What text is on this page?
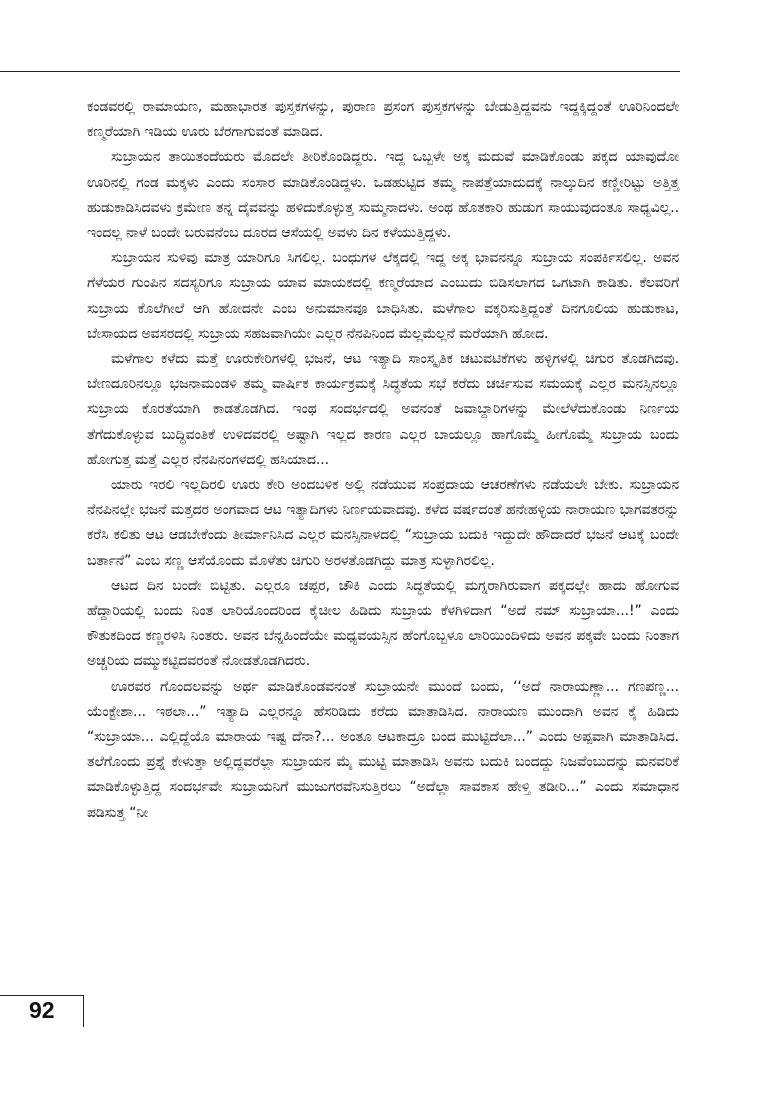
ಕಂಡವರಲ್ಲಿ ರಾಮಾಯಣ, ಮಹಾಭಾರತ ಪುಸ್ತಕಗಳನ್ನು, ಪುರಾಣ ಪ್ರಸಂಗ ಪುಸ್ತಕಗಳನ್ನು ಬೇಡುತ್ತಿದ್ದವನು ಇದ್ದಕ್ಕಿದ್ದಂತೆ ಊರಿನಿಂದಲೇ ಕಣ್ಮರೆಯಾಗಿ ಇಡಿಯ ಊರು ಬೆರಗಾಗುವಂತೆ ಮಾಡಿದ.

ಸುಬ್ರಾಯನ ತಾಯಿತಂದೆಯರು ಮೊದಲೇ ತೀರಿಕೊಂಡಿದ್ದರು. ಇದ್ದ ಒಬ್ಬಳೇ ಅಕ್ಕ ಮದುವೆ ಮಾಡಿಕೊಂಡು ಪಕ್ಕದ ಯಾವುದೋ ಊರಿನಲ್ಲಿ ಗಂಡ ಮಕ್ಕಳು ಎಂದು ಸಂಸಾರ ಮಾಡಿಕೊಂಡಿದ್ದಳು. ಒಡಹುಟ್ಟಿದ ತಮ್ಮ ನಾಪತ್ತೆಯಾದುದಕ್ಕೆ ನಾಲ್ಕುದಿನ ಕಣ್ಣೀರಿಟ್ಟು ಅತ್ತಿತ್ತ ಹುಡುಕಾಡಿಸಿದವಳು ಕ್ರಮೇಣ ತನ್ನ ದೈವವನ್ನು ಹಳಿದುಕೊಳ್ಳುತ್ತ ಸುಮ್ಮನಾದಳು. ಅಂಥ ಹೊತಕಾರಿ ಹುಡುಗ ಸಾಯುವುದಂತೂ ಸಾಧ್ಯವಿಲ್ಲ.. ಇಂದಲ್ಲ ನಾಳೆ ಬಂದೇ ಬರುವನೆಂಬ ದೂರದ ಆಸೆಯಲ್ಲಿ ಅವಳು ದಿನ ಕಳೆಯುತ್ತಿದ್ದಳು.

ಸುಬ್ರಾಯನ ಸುಳಿವು ಮಾತ್ರ ಯಾರಿಗೂ ಸಿಗಲಿಲ್ಲ. ಬಂಧುಗಳ ಲೆಕ್ಕದಲ್ಲಿ ಇದ್ದ ಅಕ್ಕ ಭಾವನನ್ನೂ ಸುಬ್ರಾಯ ಸಂಪರ್ಕಿಸಲಿಲ್ಲ. ಅವನ ಗೆಳೆಯರ ಗುಂಪಿನ ಸದಸ್ಯರಿಗೂ ಸುಬ್ರಾಯ ಯಾವ ಮಾಯಕದಲ್ಲಿ ಕಣ್ಮರೆಯಾದ ಎಂಬುದು ಬಿಡಿಸಲಾಗದ ಒಗಟಾಗಿ ಕಾಡಿತು. ಕೆಲವರಿಗೆ ಸುಬ್ರಾಯ ಕೊಲೆಗೀಲೆ ಆಗಿ ಹೋದನೇ ಎಂಬ ಅನುಮಾನವೂ ಬಾಧಿಸಿತು. ಮಳೆಗಾಲ ವಕ್ಕರಿಸುತ್ತಿದ್ದಂತೆ ದಿನಗೂಲಿಯ ಹುಡುಕಾಟ, ಬೇಸಾಯದ ಅವಸರದಲ್ಲಿ ಸುಬ್ರಾಯ ಸಹಜವಾಗಿಯೇ ಎಲ್ಲರ ನೆನಪಿನಿಂದ ಮೆಲ್ಲಮೆಲ್ಲನೆ ಮರೆಯಾಗಿ ಹೋದ.

ಮಳೆಗಾಲ ಕಳೆದು ಮತ್ತೆ ಊರುಕೇರಿಗಳಲ್ಲಿ ಭಜನೆ, ಆಟ ಇತ್ಯಾದಿ ಸಾಂಸ್ಕೃತಿಕ ಚಟುವಟಿಕೆಗಳು ಹಳ್ಳಿಗಳಲ್ಲಿ ಚಿಗುರ ತೊಡಗಿದವು. ಬೇಣದೂರಿನಲ್ಲೂ ಭಜನಾಮಂಡಳಿ ತಮ್ಮ ವಾರ್ಷಿಕ ಕಾರ್ಯಕ್ರಮಕ್ಕೆ ಸಿದ್ಧತೆಯ ಸಭೆ ಕರೆದು ಚರ್ಚಿಸುವ ಸಮಯಕ್ಕೆ ಎಲ್ಲರ ಮನಸ್ಸಿನಲ್ಲೂ ಸುಬ್ರಾಯ ಕೊರತೆಯಾಗಿ ಕಾಡತೊಡಗಿದ. ಇಂಥ ಸಂದರ್ಭದಲ್ಲಿ ಅವನಂತೆ ಜವಾಬ್ದಾರಿಗಳನ್ನು ಮೇಲೆಳೆದುಕೊಂಡು ನಿರ್ಣಯ ತೆಗೆದುಕೊಳ್ಳುವ ಬುದ್ಧಿವಂತಿಕೆ ಉಳಿದವರಲ್ಲಿ ಅಷ್ಟಾಗಿ ಇಲ್ಲದ ಕಾರಣ ಎಲ್ಲರ ಬಾಯಲ್ಲೂ ಹಾಗೊಮ್ಮೆ ಹೀಗೊಮ್ಮೆ ಸುಬ್ರಾಯ ಬಂದು ಹೋಗುತ್ತ ಮತ್ತೆ ಎಲ್ಲರ ನೆನಪಿನಂಗಳದಲ್ಲಿ ಹಸಿಯಾದ...

ಯಾರು ಇರಲಿ ಇಲ್ಲದಿರಲಿ ಊರು ಕೇರಿ ಅಂದಬಳಿಕ ಅಲ್ಲಿ ನಡೆಯುವ ಸಂಪ್ರದಾಯ ಆಚರಣೆಗಳು ನಡೆಯಲೇ ಬೇಕು. ಸುಬ್ರಾಯನ ನೆನಪಿನಲ್ಲೇ ಭಜನೆ ಮತ್ತದರ ಅಂಗವಾದ ಆಟ ಇತ್ಯಾದಿಗಳು ನಿರ್ಣಯವಾದವು. ಕಳೆದ ವರ್ಷದಂತೆ ಹನೇಹಳ್ಳಿಯ ನಾರಾಯಣ ಭಾಗವತರನ್ನು ಕರೆಸಿ ಕಲಿತು ಆಟ ಆಡಬೇಕೆಂದು ತೀರ್ಮಾನಿಸಿದ ಎಲ್ಲರ ಮನಸ್ಸಿನಾಳದಲ್ಲಿ “ಸುಬ್ರಾಯ ಬದುಕಿ ಇದ್ದುದೇ ಹೌದಾದರೆ ಭಜನೆ ಆಟಕ್ಕೆ ಬಂದೇ ಬರ್ತಾನೆ” ಎಂಬ ಸಣ್ಣ ಆಸೆಯೊಂದು ಮೊಳೆತು ಚಿಗುರಿ ಅರಳತೊಡಗಿದ್ದು ಮಾತ್ರ ಸುಳ್ಳಾಗಿರಲಿಲ್ಲ.

ಆಟದ ದಿನ ಬಂದೇ ಬಿಟ್ಟಿತು. ಎಲ್ಲರೂ ಚಪ್ಪರ, ಚೌಕಿ ಎಂದು ಸಿದ್ಧತೆಯಲ್ಲಿ ಮಗ್ನರಾಗಿರುವಾಗ ಪಕ್ಕದಲ್ಲೇ ಹಾದು ಹೋಗುವ ಹೆದ್ದಾರಿಯಲ್ಲಿ ಬಂದು ನಿಂತ ಲಾರಿಯೊಂದರಿಂದ ಕೈಚೀಲ ಹಿಡಿದು ಸುಬ್ರಾಯ ಕೆಳಗಿಳಿದಾಗ “ಅದೆ ನಮ್ ಸುಬ್ರಾಯಾ...!” ಎಂದು ಕೌತುಕದಿಂದ ಕಣ್ಣರಳಿಸಿ ನಿಂತರು. ಅವನ ಬೆನ್ನಹಿಂದೆಯೇ ಮಧ್ಯವಯಸ್ಸಿನ ಹೆಂಗೊಬ್ಬಳೂ ಲಾರಿಯಿಂದಿಳಿದು ಅವನ ಪಕ್ಕವೇ ಬಂದು ನಿಂತಾಗ ಅಚ್ಚರಿಯ ದಮ್ಮುಕಟ್ಟಿದವರಂತೆ ನೋಡತೊಡಗಿದರು.

ಊರವರ ಗೊಂದಲವನ್ನು ಅರ್ಥ ಮಾಡಿಕೊಂಡವನಂತೆ ಸುಬ್ರಾಯನೇ ಮುಂದೆ ಬಂದು, ‘‘ಅದೆ ನಾರಾಯಣ್ಣಾ... ಗಣಪಣ್ಣ... ಯೆಂಕ್ಟೇಶಾ... ಇಠಲಾ...” ಇತ್ಯಾದಿ ಎಲ್ಲರನ್ನೂ ಹೆಸರಿಡಿದು ಕರೆದು ಮಾತಾಡಿಸಿದ. ನಾರಾಯಣ ಮುಂದಾಗಿ ಅವನ ಕೈ ಹಿಡಿದು “ಸುಬ್ರಾಯಾ... ಎಲ್ಲಿದ್ದೆಯೊ ಮಾರಾಯ ಇಷ್ಟ ದೆನಾ?... ಅಂತೂ ಆಟಕಾದ್ರೂ ಬಂದ ಮುಟ್ಟಿದೆಲಾ...” ಎಂದು ಅಪ್ಪವಾಗಿ ಮಾತಾಡಿಸಿದ. ತಲೆಗೊಂದು ಪ್ರಶ್ನೆ ಕೇಳುತ್ತಾ ಅಲ್ಲಿದ್ದವರೆಲ್ಲಾ ಸುಬ್ರಾಯನ ಮೈ ಮುಟ್ಟಿ ಮಾತಾಡಿಸಿ ಅವನು ಬದುಕಿ ಬಂದದ್ದು ನಿಜವೆಂಬುದನ್ನು ಮನವರಿಕೆ ಮಾಡಿಕೊಳ್ಳುತ್ತಿದ್ದ ಸಂದರ್ಭವೇ ಸುಬ್ರಾಯನಿಗೆ ಮುಜುಗರವೆನಿಸುತ್ತಿರಲು “ಅದೆಲ್ಲಾ ಸಾವಕಾಸ ಹೇಳ್ತಿ ತಡೀರಿ...” ಎಂದು ಸಮಾಧಾನ ಪಡಿಸುತ್ತ “ನೀ

92
